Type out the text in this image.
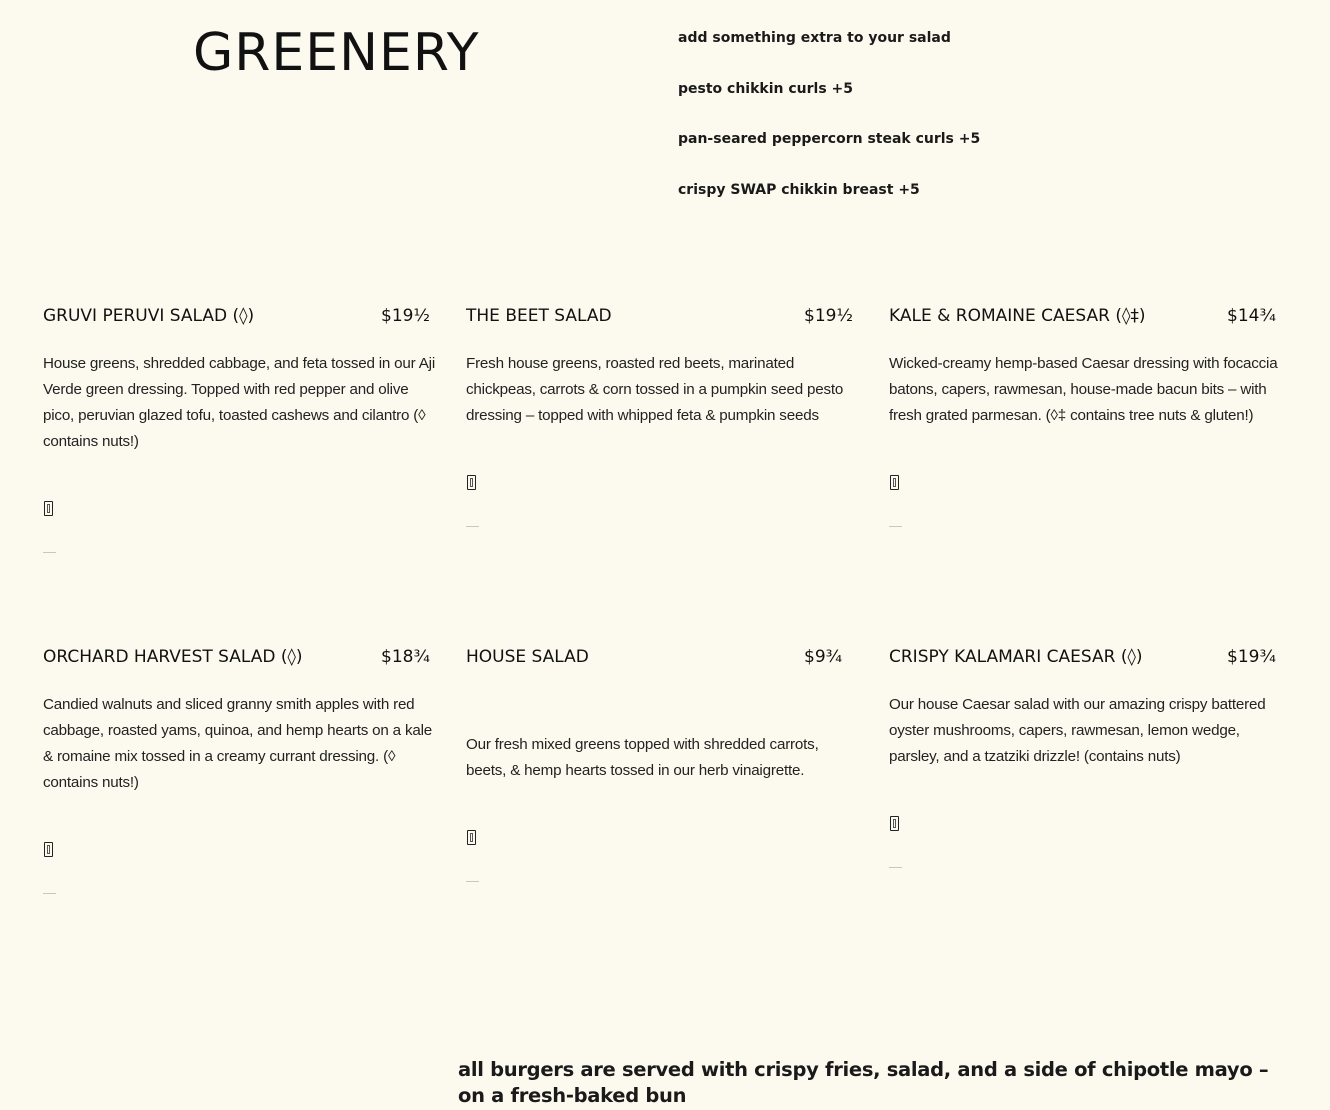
GREENERY	add something extra to your salad
pesto chikkin curls +5
pan-seared peppercorn steak curls +5
crispy SWAP chikkin breast +5
GRUVI PERUVI SALAD (◊)	$19½

House greens, shredded cabbage, and feta tossed in our Aji Verde green dressing. Topped with red pepper and olive pico, peruvian glazed tofu, toasted cashews and cilantro (◊ contains nuts!)

THE BEET SALAD	$19½

Fresh house greens, roasted red beets, marinated chickpeas, carrots & corn tossed in a pumpkin seed pesto dressing – topped with whipped feta & pumpkin seeds

KALE & ROMAINE CAESAR (◊‡)	$14¾

Wicked-creamy hemp-based Caesar dressing with focaccia batons, capers, rawmesan, house-made bacun bits – with fresh grated parmesan. (◊‡ contains tree nuts & gluten!)

ORCHARD HARVEST SALAD (◊)	$18¾

Candied walnuts and sliced granny smith apples with red cabbage, roasted yams, quinoa, and hemp hearts on a kale & romaine mix tossed in a creamy currant dressing. (◊ contains nuts!)

HOUSE SALAD	$9¾

Our fresh mixed greens topped with shredded carrots, beets, & hemp hearts tossed in our herb vinaigrette.

CRISPY KALAMARI CAESAR (◊)	$19¾

Our house Caesar salad with our amazing crispy battered oyster mushrooms, capers, rawmesan, lemon wedge, parsley, and a tzatziki drizzle! (contains nuts)

all burgers are served with crispy fries, salad, and a side of chipotle mayo – on a fresh-baked bun
